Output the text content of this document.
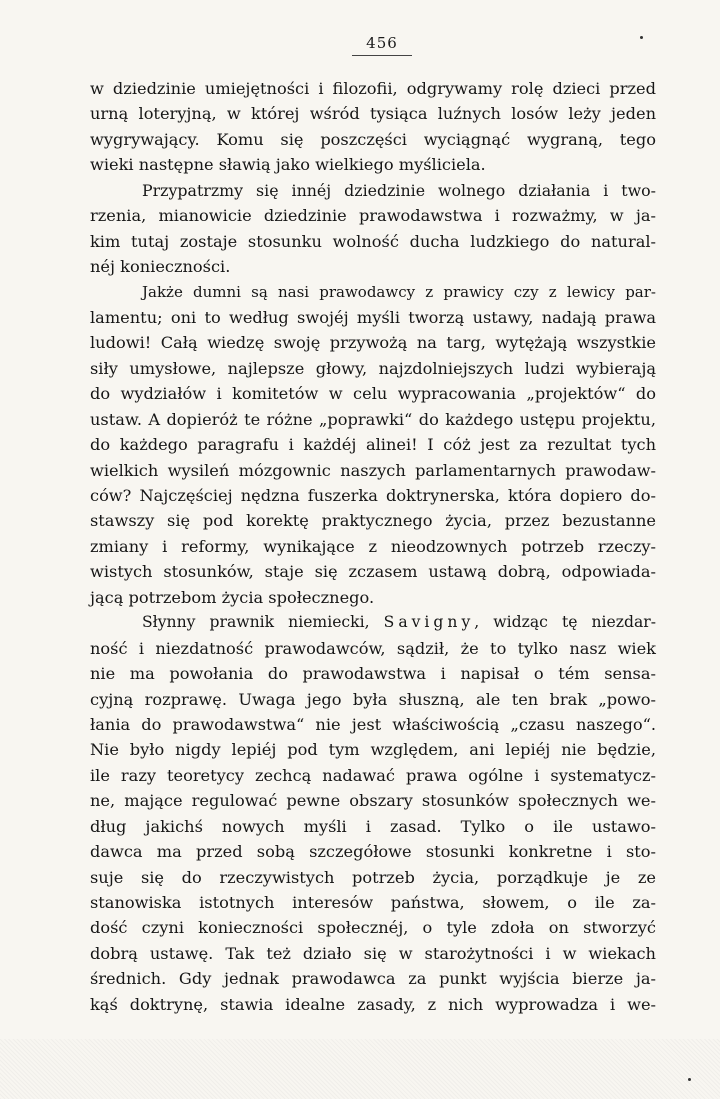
456
w dziedzinie umiejętności i filozofii, odgrywamy rolę dzieci przed
urną loteryjną, w której wśród tysiąca luźnych losów leży jeden
wygrywający. Komu się poszczęści wyciągnąć wygraną, tego
wieki następne sławią jako wielkiego myśliciela.
Przypatrzmy się innéj dziedzinie wolnego działania i two-
rzenia, mianowicie dziedzinie prawodawstwa i rozważmy, w ja-
kim tutaj zostaje stosunku wolność ducha ludzkiego do natural-
néj konieczności.
Jakże dumni są nasi prawodawcy z prawicy czy z lewicy par-
lamentu; oni to według swojéj myśli tworzą ustawy, nadają prawa
ludowi! Całą wiedzę swoję przywożą na targ, wytężają wszystkie
siły umysłowe, najlepsze głowy, najzdolniejszych ludzi wybierają
do wydziałów i komitetów w celu wypracowania „projektów“ do
ustaw. A dopieróż te różne „poprawki“ do każdego ustępu projektu,
do każdego paragrafu i każdéj alinei! I cóż jest za rezultat tych
wielkich wysileń mózgownic naszych parlamentarnych prawodaw-
ców? Najczęściej nędzna fuszerka doktrynerska, która dopiero do-
stawszy się pod korektę praktycznego życia, przez bezustanne
zmiany i reformy, wynikające z nieodzownych potrzeb rzeczy-
wistych stosunków, staje się zczasem ustawą dobrą, odpowiada-
jącą potrzebom życia społecznego.
Słynny prawnik niemiecki, Savigny, widząc tę niezdar-
ność i niezdatność prawodawców, sądził, że to tylko nasz wiek
nie ma powołania do prawodawstwa i napisał o tém sensa-
cyjną rozprawę. Uwaga jego była słuszną, ale ten brak „powo-
łania do prawodawstwa“ nie jest właściwością „czasu naszego“.
Nie było nigdy lepiéj pod tym względem, ani lepiéj nie będzie,
ile razy teoretycy zechcą nadawać prawa ogólne i systematycz-
ne, mające regulować pewne obszary stosunków społecznych we-
dług jakichś nowych myśli i zasad. Tylko o ile ustawo-
dawca ma przed sobą szczegółowe stosunki konkretne i sto-
suje się do rzeczywistych potrzeb życia, porządkuje je ze
stanowiska istotnych interesów państwa, słowem, o ile za-
dość czyni konieczności społecznéj, o tyle zdoła on stworzyć
dobrą ustawę. Tak też działo się w starożytności i w wiekach
średnich. Gdy jednak prawodawca za punkt wyjścia bierze ja-
kąś doktrynę, stawia idealne zasady, z nich wyprowadza i we-
